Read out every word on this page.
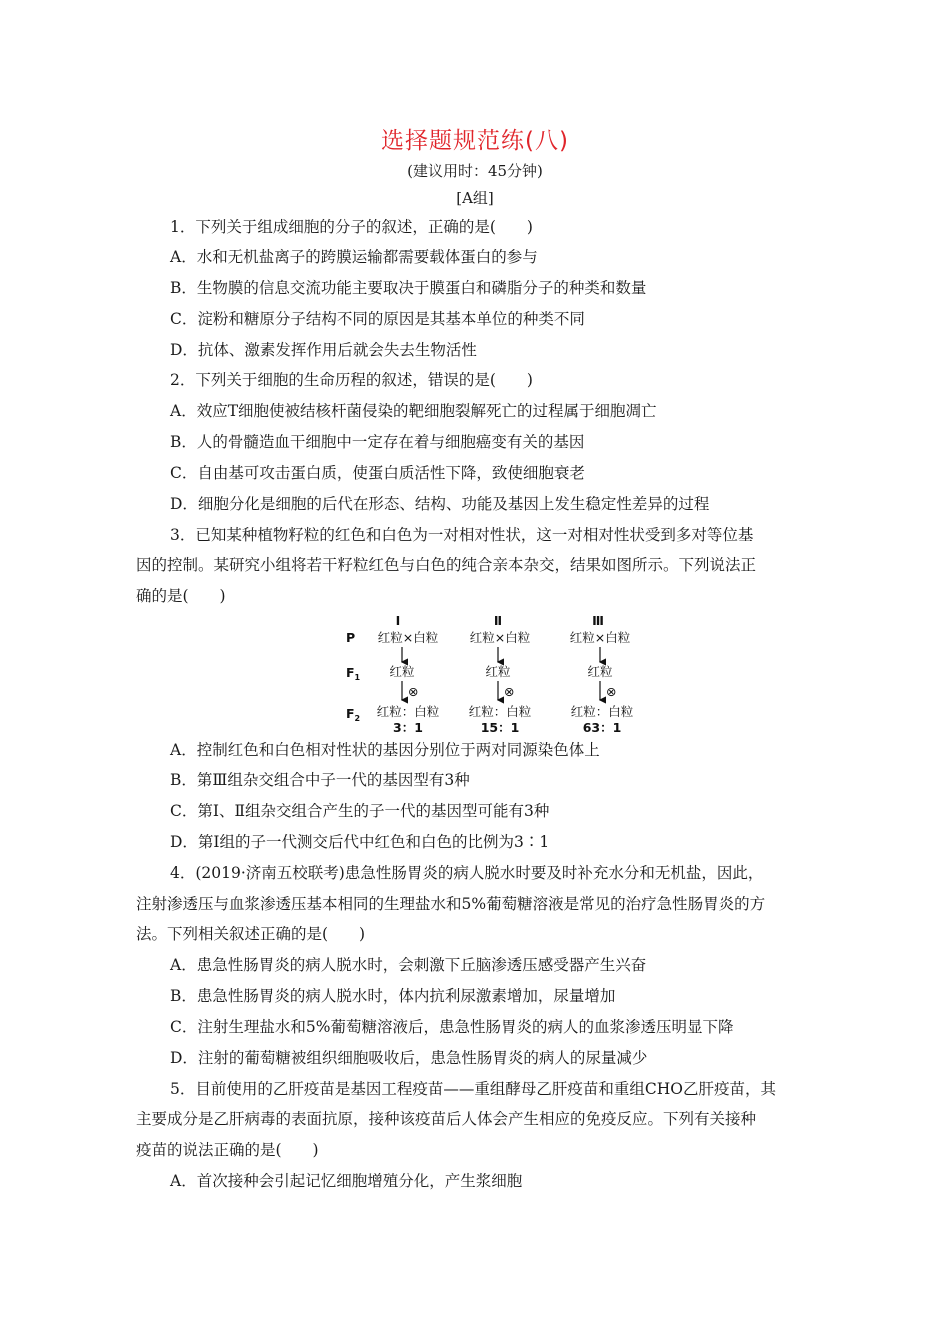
选择题规范练(八)
(建议用时：45分钟)
[A组]
1．下列关于组成细胞的分子的叙述，正确的是(　　)
A．水和无机盐离子的跨膜运输都需要载体蛋白的参与
B．生物膜的信息交流功能主要取决于膜蛋白和磷脂分子的种类和数量
C．淀粉和糖原分子结构不同的原因是其基本单位的种类不同
D．抗体、激素发挥作用后就会失去生物活性
2．下列关于细胞的生命历程的叙述，错误的是(　　)
A．效应T细胞使被结核杆菌侵染的靶细胞裂解死亡的过程属于细胞凋亡
B．人的骨髓造血干细胞中一定存在着与细胞癌变有关的基因
C．自由基可攻击蛋白质，使蛋白质活性下降，致使细胞衰老
D．细胞分化是细胞的后代在形态、结构、功能及基因上发生稳定性差异的过程
3．已知某种植物籽粒的红色和白色为一对相对性状，这一对相对性状受到多对等位基
因的控制。某研究小组将若干籽粒红色与白色的纯合亲本杂交，结果如图所示。下列说法正
确的是(　　)
Ⅰ	Ⅱ	Ⅲ
P
$F_1$
$F_2$
红粒×白粒	红粒×白粒	红粒×白粒
红粒	红粒	红粒
⊗	⊗	⊗
红粒：白粒 红粒：白粒	红粒：白粒
3：1	15：1	63：1
A．控制红色和白色相对性状的基因分别位于两对同源染色体上
B．第Ⅲ组杂交组合中子一代的基因型有3种
C．第Ⅰ、Ⅱ组杂交组合产生的子一代的基因型可能有3种
D．第Ⅰ组的子一代测交后代中红色和白色的比例为3∶1
4．(2019·济南五校联考)患急性肠胃炎的病人脱水时要及时补充水分和无机盐，因此，
注射渗透压与血浆渗透压基本相同的生理盐水和5%葡萄糖溶液是常见的治疗急性肠胃炎的方
法。下列相关叙述正确的是(　　)
A．患急性肠胃炎的病人脱水时，会刺激下丘脑渗透压感受器产生兴奋
B．患急性肠胃炎的病人脱水时，体内抗利尿激素增加，尿量增加
C．注射生理盐水和5%葡萄糖溶液后，患急性肠胃炎的病人的血浆渗透压明显下降
D．注射的葡萄糖被组织细胞吸收后，患急性肠胃炎的病人的尿量减少
5．目前使用的乙肝疫苗是基因工程疫苗——重组酵母乙肝疫苗和重组CHO乙肝疫苗，其
主要成分是乙肝病毒的表面抗原，接种该疫苗后人体会产生相应的免疫反应。下列有关接种
疫苗的说法正确的是(　　)
A．首次接种会引起记忆细胞增殖分化，产生浆细胞
